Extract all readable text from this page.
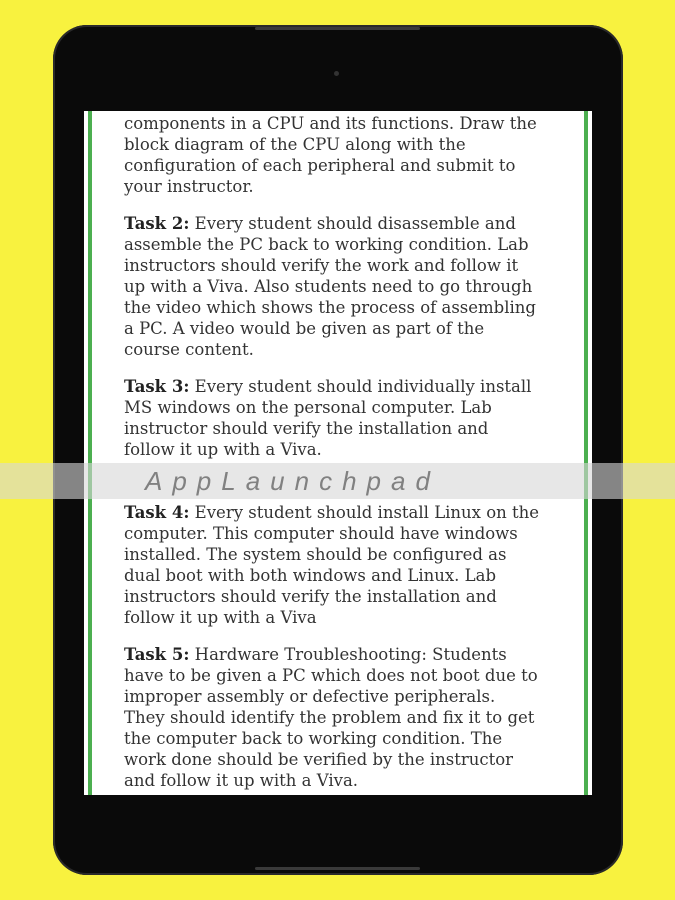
components in a CPU and its functions. Draw the
block diagram of the CPU along with the
configuration of each peripheral and submit to
your instructor.

Task 2: Every student should disassemble and
assemble the PC back to working condition. Lab
instructors should verify the work and follow it
up with a Viva. Also students need to go through
the video which shows the process of assembling
a PC. A video would be given as part of the
course content.

Task 3: Every student should individually install
MS windows on the personal computer. Lab
instructor should verify the installation and
follow it up with a Viva.

Task 4: Every student should install Linux on the
computer. This computer should have windows
installed. The system should be configured as
dual boot with both windows and Linux. Lab
instructors should verify the installation and
follow it up with a Viva

Task 5: Hardware Troubleshooting: Students
have to be given a PC which does not boot due to
improper assembly or defective peripherals.
They should identify the problem and fix it to get
the computer back to working condition. The
work done should be verified by the instructor
and follow it up with a Viva.

AppLaunchpad
